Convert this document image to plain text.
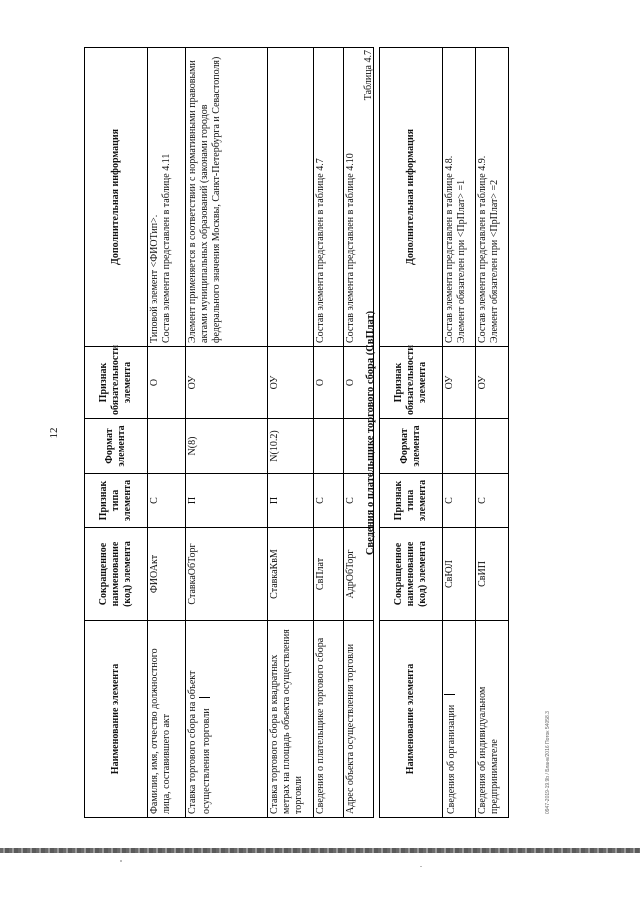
12
Наименование элемента	Сокращенное наименование (код) элемента	Признак типа элемента	Формат элемента	Признак обязательности элемента	Дополнительная информация
Фамилия, имя, отчество должностного лица, составившего акт	ФИОАкт	С		О	Типовой элемент <ФИОТип>.
Состав элемента представлен в таблице 4.11
Ставка торгового сбора на объект осуществления торговли	СтавкаОбТорг	П	N(8)	ОУ	Элемент применяется в соответствии с нормативными правовыми актами муниципальных образований (законами городов федерального значения Москвы, Санкт-Петербурга и Севастополя)
Ставка торгового сбора в квадратных метрах на площадь объекта осуществления торговли	СтавкаКвМ	П	N(10.2)	ОУ	
Сведения о плательщике торгового сбора	СвПлат	С		О	Состав элемента представлен в таблице 4.7
Адрес объекта осуществления торговли	АдрОбТорг	С		О	Состав элемента представлен в таблице 4.10
Таблица 4.7
Сведения о плательщике торгового сбора (СвПлат)
Наименование элемента	Сокращенное наименование (код) элемента	Признак типа элемента	Формат элемента	Признак обязательности элемента	Дополнительная информация
Сведения об организации	СвЮЛ	С		ОУ	Состав элемента представлен в таблице 4.8.
Элемент обязателен при <ПрПлат> =1
Сведения об индивидуальном предпринимателе	СвИП	С		ОУ	Состав элемента представлен в таблице 4.9.
Элемент обязателен при <ПрПлат> =2
0947-2019-19.9b / Бланк/2016 Поток 54058.3
